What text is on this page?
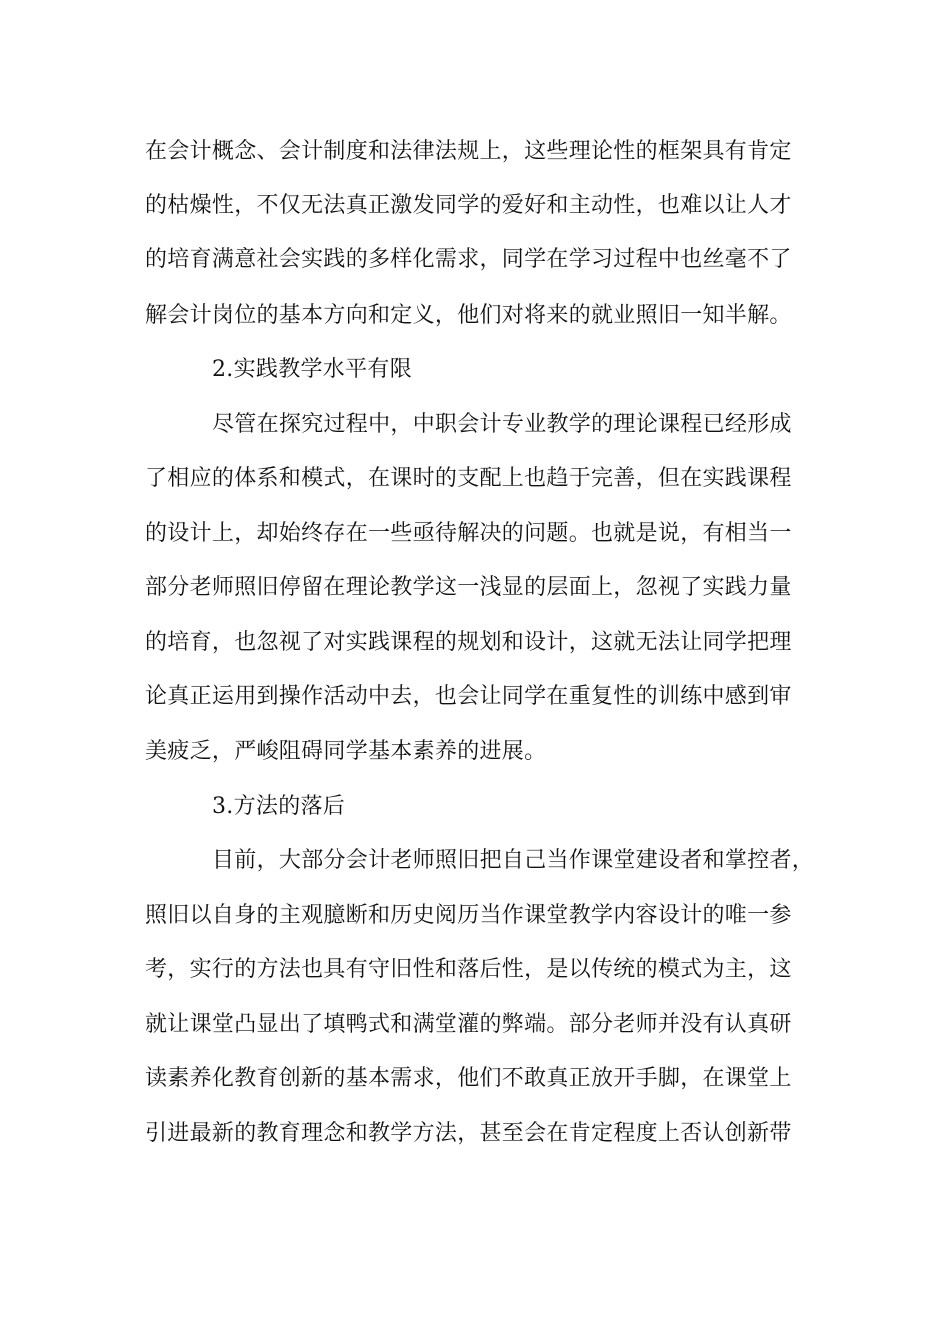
在会计概念、会计制度和法律法规上，这些理论性的框架具有肯定
的枯燥性，不仅无法真正激发同学的爱好和主动性，也难以让人才
的培育满意社会实践的多样化需求，同学在学习过程中也丝毫不了
解会计岗位的基本方向和定义，他们对将来的就业照旧一知半解。
2.实践教学水平有限
尽管在探究过程中，中职会计专业教学的理论课程已经形成
了相应的体系和模式，在课时的支配上也趋于完善，但在实践课程
的设计上，却始终存在一些亟待解决的问题。也就是说，有相当一
部分老师照旧停留在理论教学这一浅显的层面上，忽视了实践力量
的培育，也忽视了对实践课程的规划和设计，这就无法让同学把理
论真正运用到操作活动中去，也会让同学在重复性的训练中感到审
美疲乏，严峻阻碍同学基本素养的进展。
3.方法的落后
目前，大部分会计老师照旧把自己当作课堂建设者和掌控者，
照旧以自身的主观臆断和历史阅历当作课堂教学内容设计的唯一参
考，实行的方法也具有守旧性和落后性，是以传统的模式为主，这
就让课堂凸显出了填鸭式和满堂灌的弊端。部分老师并没有认真研
读素养化教育创新的基本需求，他们不敢真正放开手脚，在课堂上
引进最新的教育理念和教学方法，甚至会在肯定程度上否认创新带
